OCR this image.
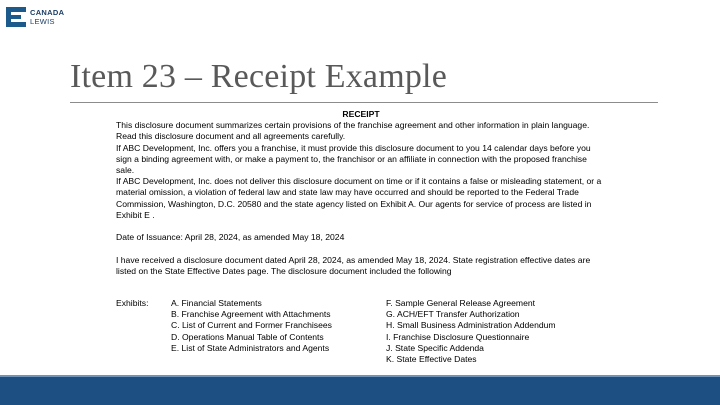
CANADA
LEWIS
Item 23 – Receipt Example

RECEIPT

This disclosure document summarizes certain provisions of the franchise agreement and other information in plain language. Read this disclosure document and all agreements carefully.

If ABC Development, Inc. offers you a franchise, it must provide this disclosure document to you 14 calendar days before you sign a binding agreement with, or make a payment to, the franchisor or an affiliate in connection with the proposed franchise sale.

If ABC Development, Inc. does not deliver this disclosure document on time or if it contains a false or misleading statement, or a material omission, a violation of federal law and state law may have occurred and should be reported to the Federal Trade Commission, Washington, D.C. 20580 and the state agency listed on Exhibit A. Our agents for service of process are listed in Exhibit E .

Date of Issuance: April 28, 2024, as amended May 18, 2024

I have received a disclosure document dated April 28, 2024, as amended May 18, 2024. State registration effective dates are listed on the State Effective Dates page. The disclosure document included the following

Exhibits:	A. Financial Statements
B. Franchise Agreement with Attachments
C. List of Current and Former Franchisees
D. Operations Manual Table of Contents
E. List of State Administrators and Agents
F. Sample General Release Agreement
G. ACH/EFT Transfer Authorization
H. Small Business Administration Addendum
I. Franchise Disclosure Questionnaire
J. State Specific Addenda
K. State Effective Dates
